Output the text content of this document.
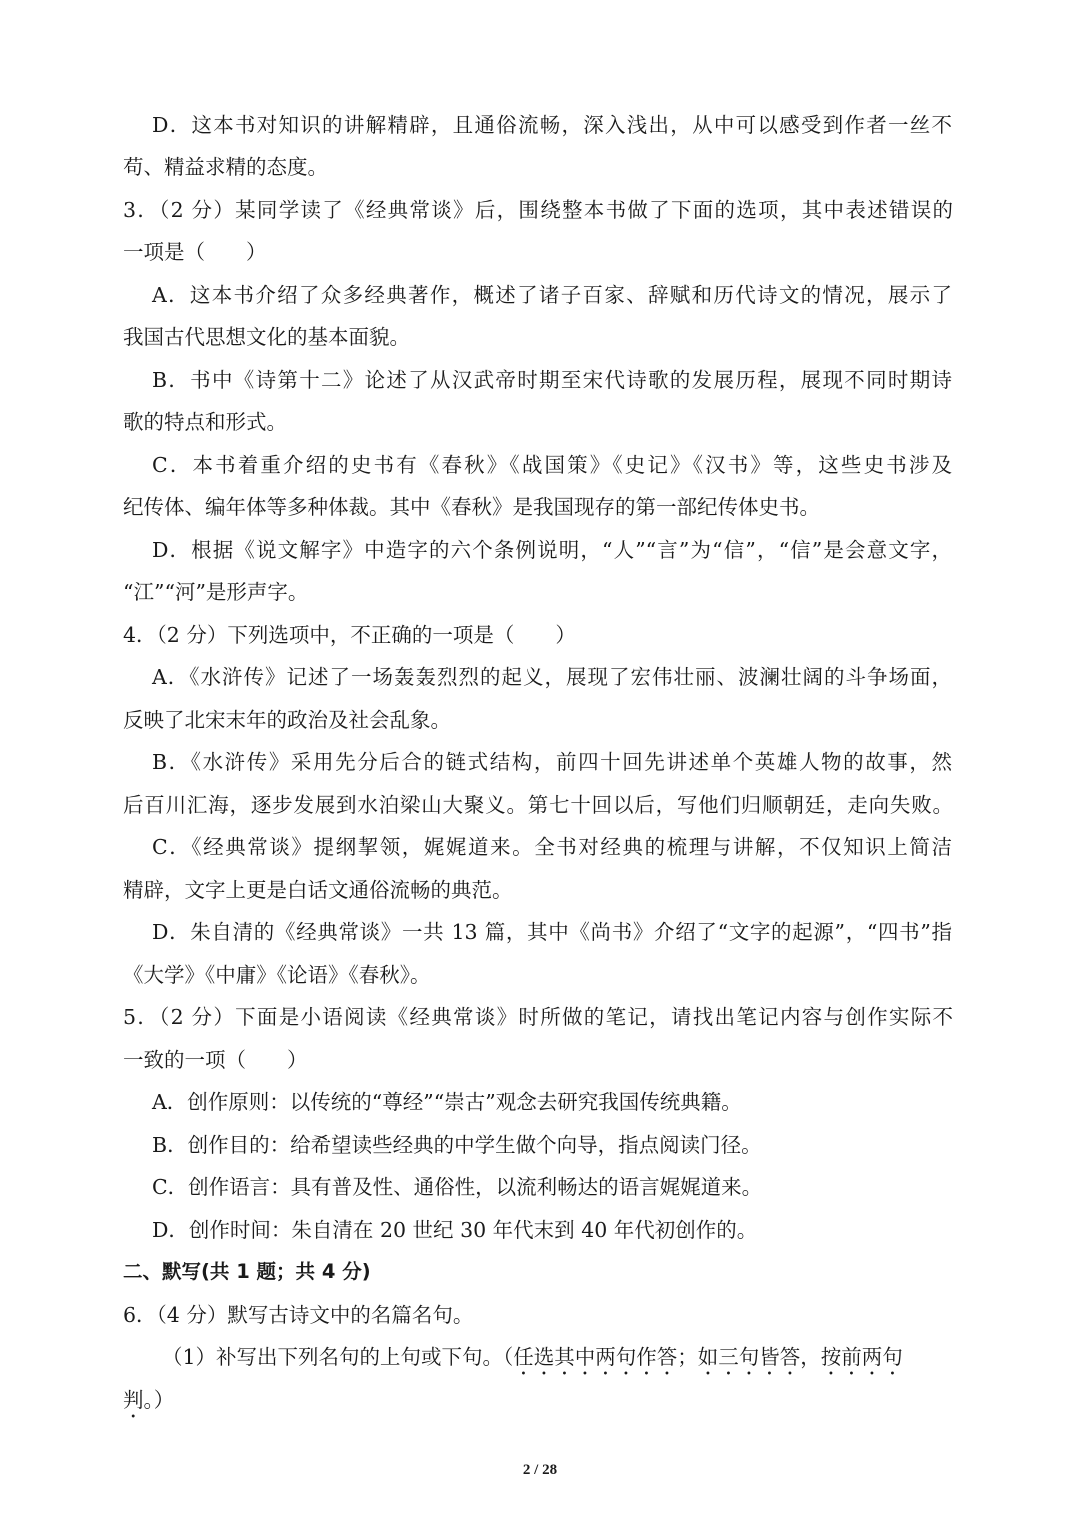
D．这本书对知识的讲解精辟，且通俗流畅，深入浅出，从中可以感受到作者一丝不
苟、精益求精的态度。
3．（2 分）某同学读了《经典常谈》后，围绕整本书做了下面的选项，其中表述错误的
一项是（　　）
A．这本书介绍了众多经典著作，概述了诸子百家、辞赋和历代诗文的情况，展示了
我国古代思想文化的基本面貌。
B．书中《诗第十二》论述了从汉武帝时期至宋代诗歌的发展历程，展现不同时期诗
歌的特点和形式。
C．本书着重介绍的史书有《春秋》《战国策》《史记》《汉书》等，这些史书涉及
纪传体、编年体等多种体裁。其中《春秋》是我国现存的第一部纪传体史书。
D．根据《说文解字》中造字的六个条例说明，“人”“言”为“信”，“信”是会意文字，
“江”“河”是形声字。
4．（2 分）下列选项中，不正确的一项是（　　）
A．《水浒传》记述了一场轰轰烈烈的起义，展现了宏伟壮丽、波澜壮阔的斗争场面，
反映了北宋末年的政治及社会乱象。
B．《水浒传》采用先分后合的链式结构，前四十回先讲述单个英雄人物的故事，然
后百川汇海，逐步发展到水泊梁山大聚义。第七十回以后，写他们归顺朝廷，走向失败。
C．《经典常谈》提纲挈领，娓娓道来。全书对经典的梳理与讲解，不仅知识上简洁
精辟，文字上更是白话文通俗流畅的典范。
D．朱自清的《经典常谈》一共 13 篇，其中《尚书》介绍了“文字的起源”，“四书”指
《大学》《中庸》《论语》《春秋》。
5．（2 分）下面是小语阅读《经典常谈》时所做的笔记，请找出笔记内容与创作实际不
一致的一项（　　）
A．创作原则：以传统的“尊经”“崇古”观念去研究我国传统典籍。
B．创作目的：给希望读些经典的中学生做个向导，指点阅读门径。
C．创作语言：具有普及性、通俗性，以流利畅达的语言娓娓道来。
D．创作时间：朱自清在 20 世纪 30 年代末到 40 年代初创作的。
二、默写(共 1 题；共 4 分)
6．（4 分）默写古诗文中的名篇名句。
（1）补写出下列名句的上句或下句。（任选其中两句作答；如三句皆答，按前两句
判。）
2 / 28
